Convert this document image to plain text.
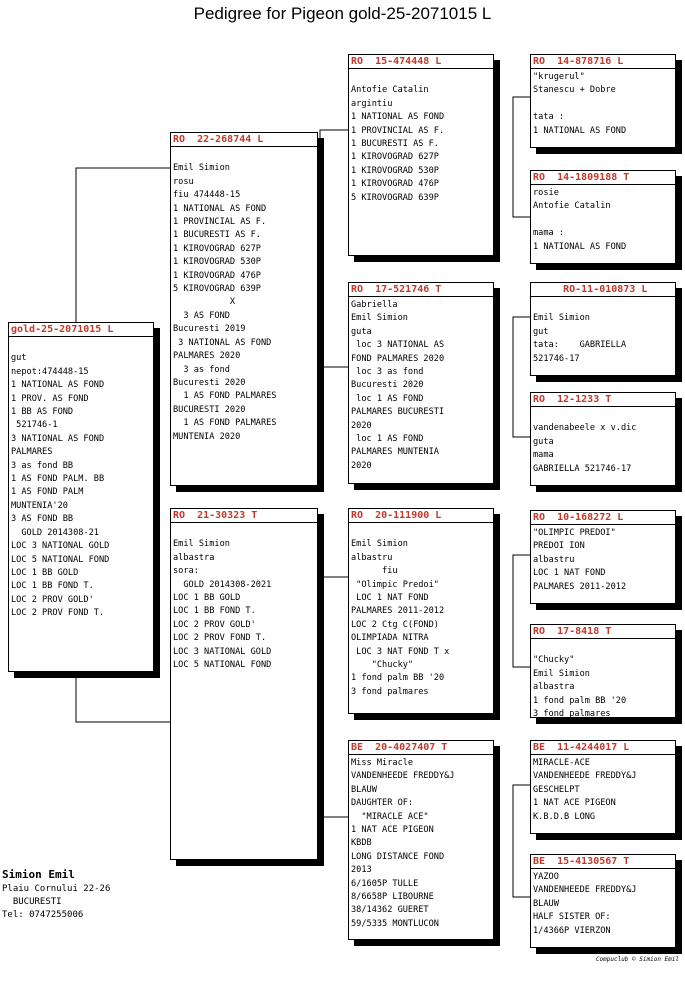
Pedigree for Pigeon gold-25-2071015 L
gold-25-2071015 L

gut
nepot:474448-15
1 NATIONAL AS FOND
1 PROV. AS FOND
1 BB AS FOND
521746-1
3 NATIONAL AS FOND
PALMARES
3 as fond BB
1 AS FOND PALM. BB
1 AS FOND PALM
MUNTENIA'20
3 AS FOND BB
GOLD 2014308-21
LOC 3 NATIONAL GOLD
LOC 5 NATIONAL FOND
LOC 1 BB GOLD
LOC 1 BB FOND T.
LOC 2 PROV GOLD'
LOC 2 PROV FOND T.
RO  22-268744 L

Emil Simion
rosu
fiu 474448-15
1 NATIONAL AS FOND
1 PROVINCIAL AS F.
1 BUCURESTI AS F.
1 KIROVOGRAD 627P
1 KIROVOGRAD 530P
1 KIROVOGRAD 476P
5 KIROVOGRAD 639P
X
3 AS FOND
Bucuresti 2019
3 NATIONAL AS FOND
PALMARES 2020
3 as fond
Bucuresti 2020
1 AS FOND PALMARES
BUCURESTI 2020
1 AS FOND PALMARES
MUNTENIA 2020
RO  21-30323 T

Emil Simion
albastra
sora:
GOLD 2014308-2021
LOC 1 BB GOLD
LOC 1 BB FOND T.
LOC 2 PROV GOLD'
LOC 2 PROV FOND T.
LOC 3 NATIONAL GOLD
LOC 5 NATIONAL FOND
RO  15-474448 L

Antofie Catalin
argintiu
1 NATIONAL AS FOND
1 PROVINCIAL AS F.
1 BUCURESTI AS F.
1 KIROVOGRAD 627P
1 KIROVOGRAD 530P
1 KIROVOGRAD 476P
5 KIROVOGRAD 639P
RO  17-521746 T
Gabriella
Emil Simion
guta
loc 3 NATIONAL AS
FOND PALMARES 2020
loc 3 as fond
Bucuresti 2020
loc 1 AS FOND
PALMARES BUCURESTI
2020
loc 1 AS FOND
PALMARES MUNTENIA
2020
RO  20-111900 L

Emil Simion
albastru
fiu
"Olimpic Predoi"
LOC 1 NAT FOND
PALMARES 2011-2012
LOC 2 Ctg C(FOND)
OLIMPIADA NITRA
LOC 3 NAT FOND T x
"Chucky"
1 fond palm BB '20
3 fond palmares
BE  20-4027407 T
Miss Miracle
VANDENHEEDE FREDDY&J
BLAUW
DAUGHTER OF:
"MIRACLE ACE"
1 NAT ACE PIGEON
KBDB
LONG DISTANCE FOND
2013
6/1605P TULLE
8/6658P LIBOURNE
38/14362 GUERET
59/5335 MONTLUCON
RO  14-878716 L
"krugerul"
Stanescu + Dobre

tata :
1 NATIONAL AS FOND
RO  14-1809188 T
rosie
Antofie Catalin

mama :
1 NATIONAL AS FOND
RO-11-010873 L

Emil Simion
gut
tata:    GABRIELLA
521746-17
RO  12-1233 T

vandenabeele x v.dic
guta
mama
GABRIELLA 521746-17
RO  10-168272 L
"OLIMPIC PREDOI"
PREDOI ION
albastru
LOC 1 NAT FOND
PALMARES 2011-2012
RO  17-8418 T

"Chucky"
Emil Simion
albastra
1 fond palm BB '20
3 fond palmares
BE  11-4244017 L
MIRACLE-ACE
VANDENHEEDE FREDDY&J
GESCHELPT
1 NAT ACE PIGEON
K.B.D.B LONG
BE  15-4130567 T
YAZOO
VANDENHEEDE FREDDY&J
BLAUW
HALF SISTER OF:
1/4366P VIERZON
Simion Emil
Plaiu Cornului 22-26
BUCURESTI
Tel: 0747255006
Compuclub © Simion Emil
